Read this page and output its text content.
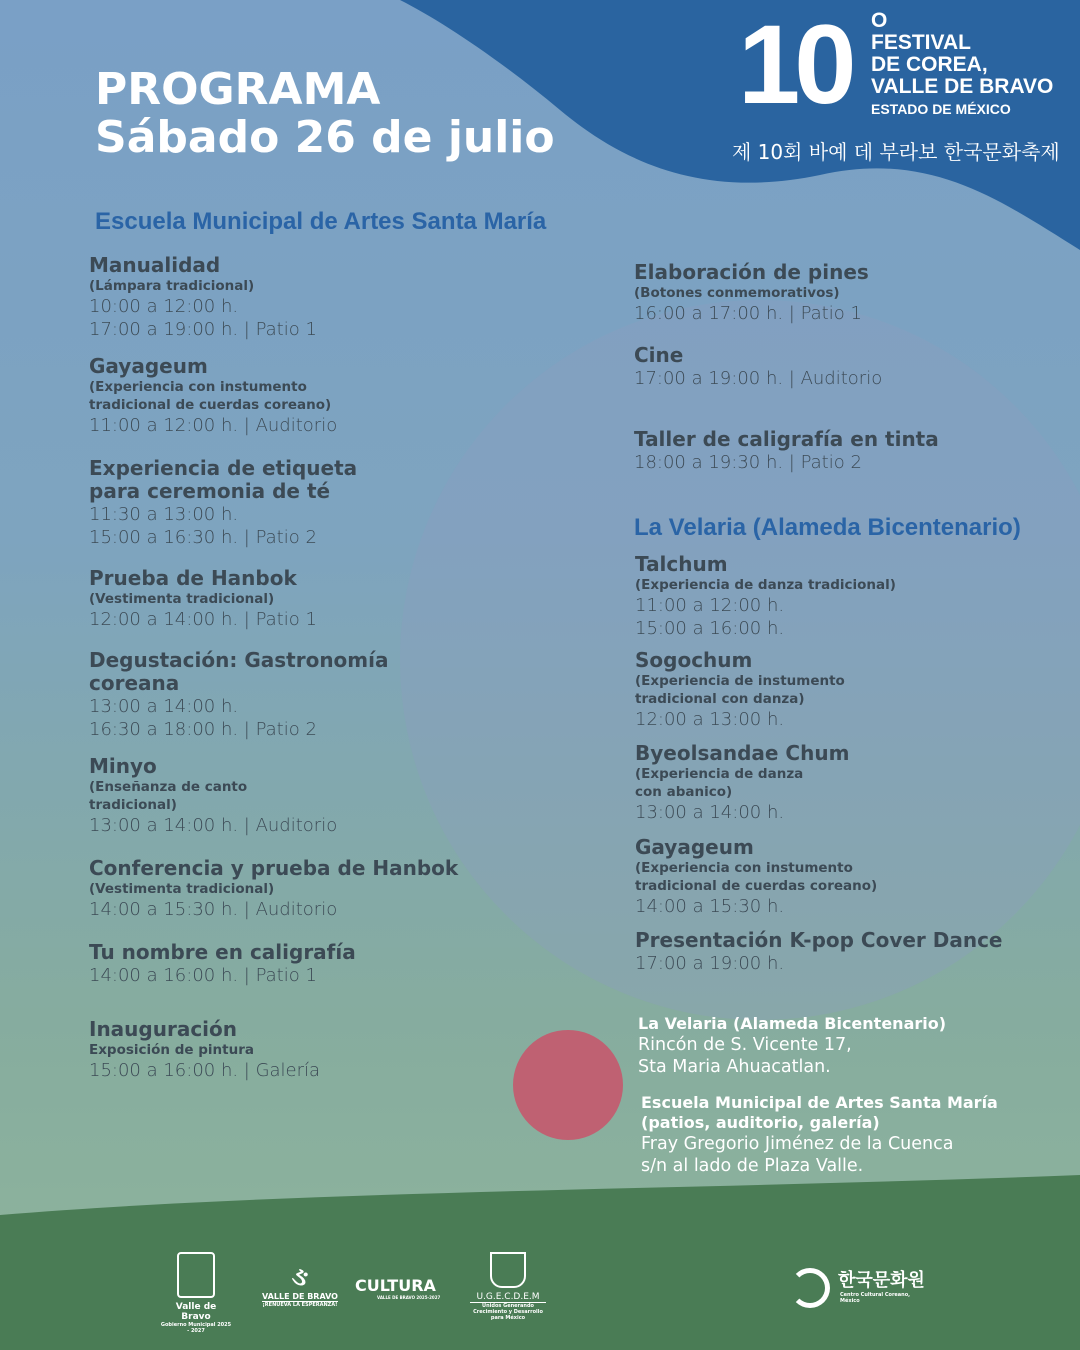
PROGRAMA
Sábado 26 de julio
10 O
FESTIVAL
DE COREA,
VALLE DE BRAVO
ESTADO DE MÉXICO
제 10회 바예 데 부라보 한국문화축제
Escuela Municipal de Artes Santa María
La Velaria (Alameda Bicentenario)
Manualidad
(Lámpara tradicional)
10:00 a 12:00 h.
17:00 a 19:00 h. | Patio 1
Gayageum
(Experiencia con instumento
tradicional de cuerdas coreano)
11:00 a 12:00 h. | Auditorio
Experiencia de etiqueta
para ceremonia de té
11:30 a 13:00 h.
15:00 a 16:30 h. | Patio 2
Prueba de Hanbok
(Vestimenta tradicional)
12:00 a 14:00 h. | Patio 1
Degustación: Gastronomía
coreana
13:00 a 14:00 h.
16:30 a 18:00 h. | Patio 2
Minyo
(Enseñanza de canto
tradicional)
13:00 a 14:00 h. | Auditorio
Conferencia y prueba de Hanbok
(Vestimenta tradicional)
14:00 a 15:30 h. | Auditorio
Tu nombre en caligrafía
14:00 a 16:00 h. | Patio 1
Inauguración
Exposición de pintura
15:00 a 16:00 h. | Galería
Elaboración de pines
(Botones conmemorativos)
16:00 a 17:00 h. | Patio 1
Cine
17:00 a 19:00 h. | Auditorio
Taller de caligrafía en tinta
18:00 a 19:30 h. | Patio 2
Talchum
(Experiencia de danza tradicional)
11:00 a 12:00 h.
15:00 a 16:00 h.
Sogochum
(Experiencia de instumento
tradicional con danza)
12:00 a 13:00 h.
Byeolsandae Chum
(Experiencia de danza
con abanico)
13:00 a 14:00 h.
Gayageum
(Experiencia con instumento
tradicional de cuerdas coreano)
14:00 a 15:30 h.
Presentación K-pop Cover Dance
17:00 a 19:00 h.
La Velaria (Alameda Bicentenario)
Rincón de S. Vicente 17,
Sta Maria Ahuacatlan.
Escuela Municipal de Artes Santa María
(patios, auditorio, galería)
Fray Gregorio Jiménez de la Cuenca
s/n al lado de Plaza Valle.
Valle de Bravo
Gobierno Municipal 2025 - 2027
ઙ
VALLE DE BRAVO
¡RENUEVA LA ESPERANZA!
CULTURA
VALLE DE BRAVO 2025-2027	U.G.E.C.D.E.M
Unidos Generando Crecimiento y Desarrollo para México
한국문화원
Centro Cultural Coreano, México
